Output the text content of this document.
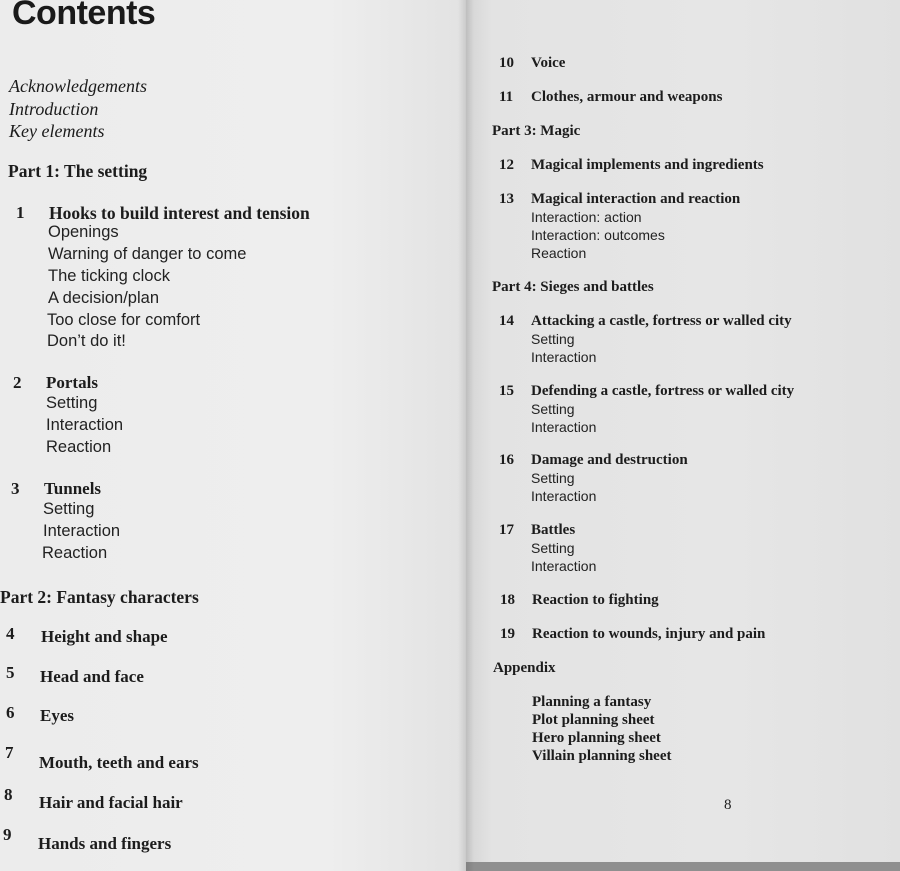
Contents
Acknowledgements
Introduction
Key elements
Part 1: The setting
1 Hooks to build interest and tension
Openings
Warning of danger to come
The ticking clock
A decision/plan
Too close for comfort
Don’t do it!
2 Portals
Setting
Interaction
Reaction
3 Tunnels
Setting
Interaction
Reaction
Part 2: Fantasy characters
4 Height and shape
5 Head and face
6 Eyes
7
Mouth, teeth and ears
8 Hair and facial hair
9 Hands and fingers
10 Voice
11 Clothes, armour and weapons
Part 3: Magic
12 Magical implements and ingredients
13 Magical interaction and reaction
Interaction: action
Interaction: outcomes
Reaction
Part 4: Sieges and battles
14 Attacking a castle, fortress or walled city
Setting
Interaction
15 Defending a castle, fortress or walled city
Setting
Interaction
16 Damage and destruction
Setting
Interaction
17 Battles
Setting
Interaction
18 Reaction to fighting
19 Reaction to wounds, injury and pain
Appendix
Planning a fantasy
Plot planning sheet
Hero planning sheet
Villain planning sheet
8
